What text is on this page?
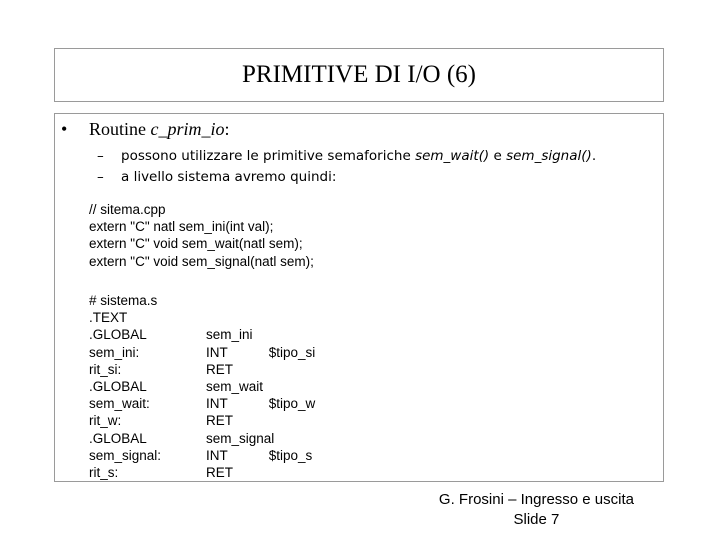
PRIMITIVE DI I/O (6)
• Routine c_prim_io:
– possono utilizzare le primitive semaforiche sem_wait() e sem_signal().
– a livello sistema avremo quindi:
// sitema.cpp
extern "C" natl sem_ini(int val);
extern "C" void sem_wait(natl sem);
extern "C" void sem_signal(natl sem);
# sistema.s
.TEXT
.GLOBAL
sem_ini:
rit_si:
.GLOBAL
sem_wait:
rit_w:
.GLOBAL
sem_signal:
rit_s:

sem_ini
INT           $tipo_si
RET
sem_wait
INT           $tipo_w
RET
sem_signal
INT           $tipo_s
RET
G. Frosini – Ingresso e uscita
Slide 7
